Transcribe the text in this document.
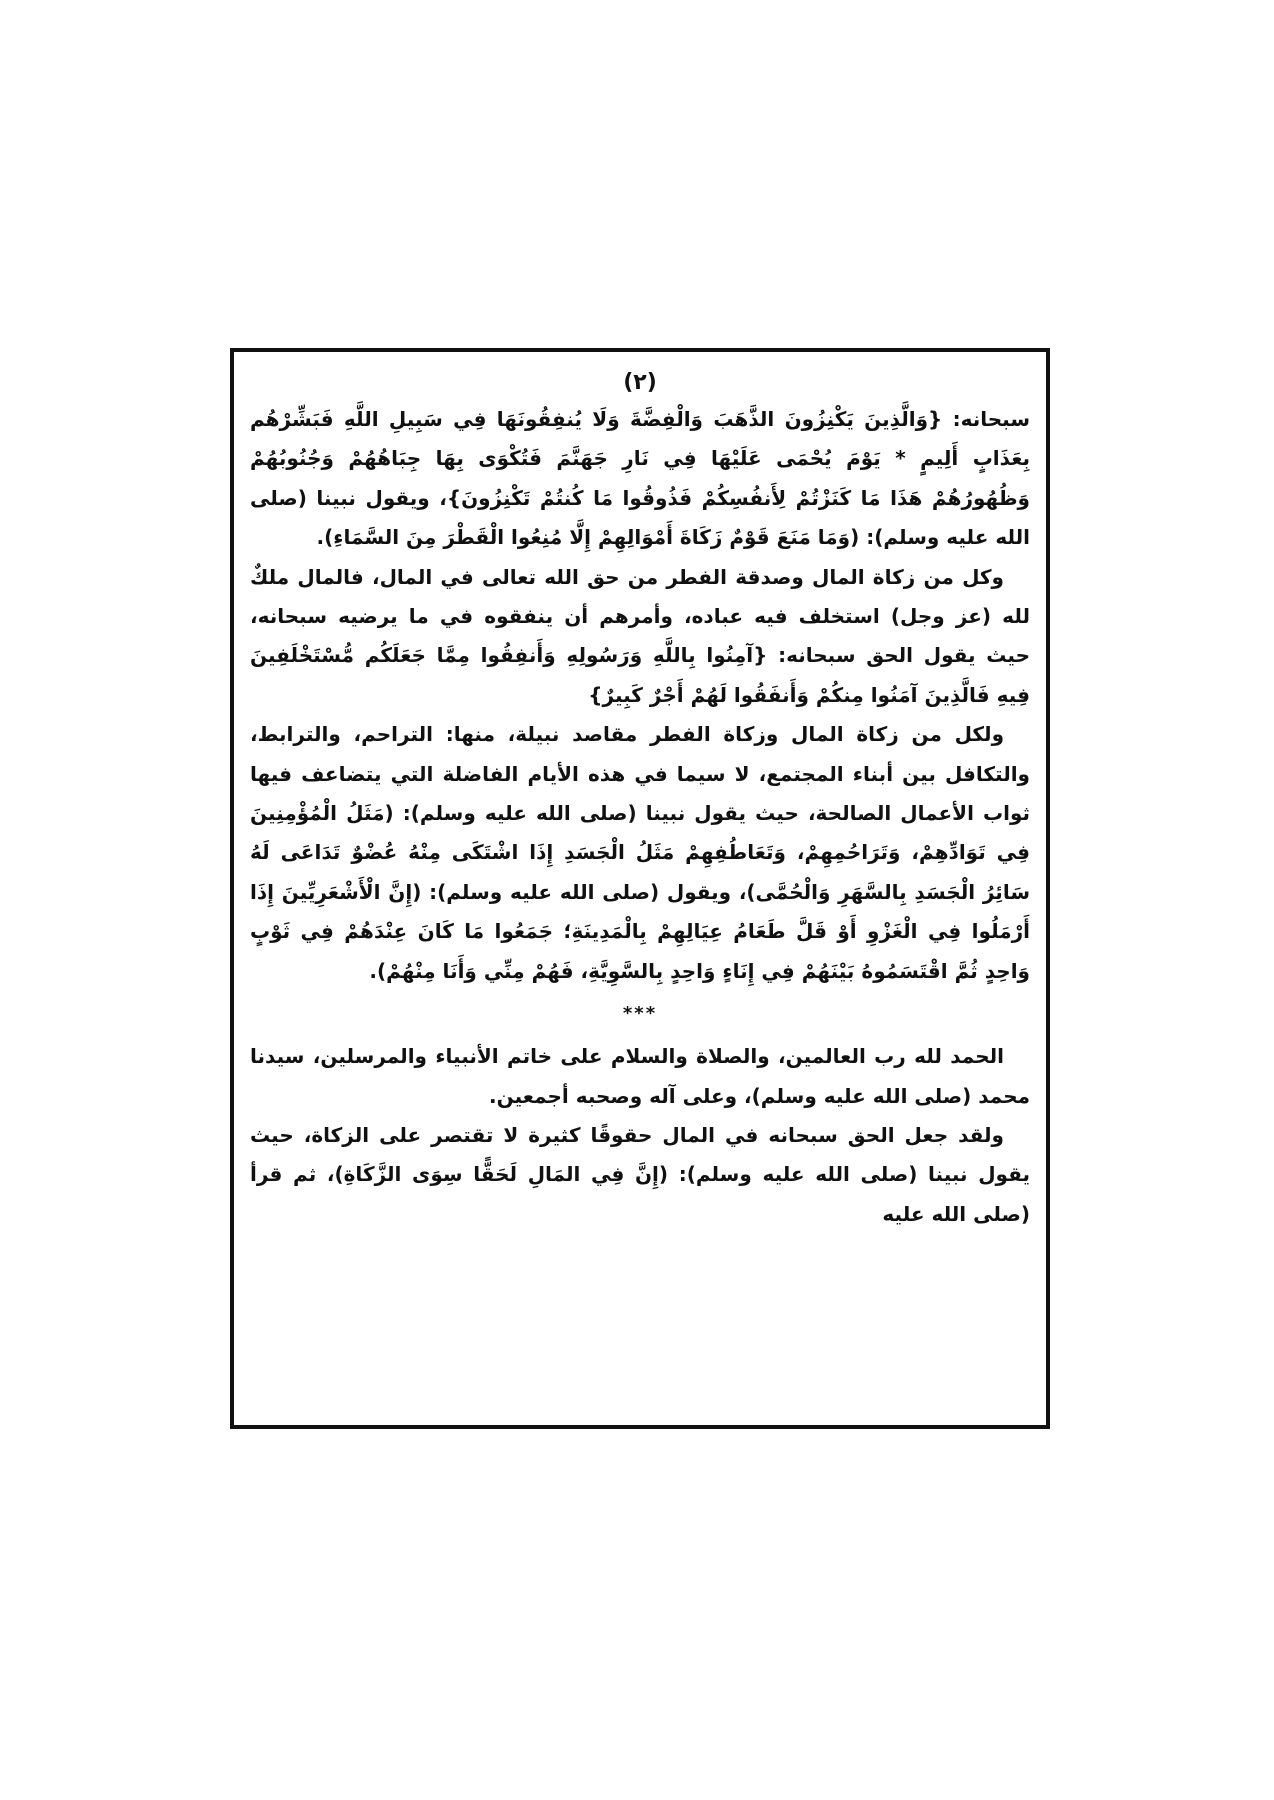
(٢)

سبحانه: {وَالَّذِينَ يَكْنِزُونَ الذَّهَبَ وَالْفِضَّةَ وَلَا يُنفِقُونَهَا فِي سَبِيلِ اللَّهِ فَبَشِّرْهُم بِعَذَابٍ أَلِيمٍ * يَوْمَ يُحْمَى عَلَيْهَا فِي نَارِ جَهَنَّمَ فَتُكْوَى بِهَا جِبَاهُهُمْ وَجُنُوبُهُمْ وَظُهُورُهُمْ هَذَا مَا كَنَزْتُمْ لِأَنفُسِكُمْ فَذُوقُوا مَا كُنتُمْ تَكْنِزُونَ}، ويقول نبينا (صلى الله عليه وسلم): (وَمَا مَنَعَ قَوْمٌ زَكَاةَ أَمْوَالِهِمْ إِلَّا مُنِعُوا الْقَطْرَ مِنَ السَّمَاءِ).

وكل من زكاة المال وصدقة الفطر من حق الله تعالى في المال، فالمال ملكٌ لله (عز وجل) استخلف فيه عباده، وأمرهم أن ينفقوه في ما يرضيه سبحانه، حيث يقول الحق سبحانه: {آمِنُوا بِاللَّهِ وَرَسُولِهِ وَأَنفِقُوا مِمَّا جَعَلَكُم مُّسْتَخْلَفِينَ فِيهِ فَالَّذِينَ آمَنُوا مِنكُمْ وَأَنفَقُوا لَهُمْ أَجْرٌ كَبِيرٌ}

ولكل من زكاة المال وزكاة الفطر مقاصد نبيلة، منها: التراحم، والترابط، والتكافل بين أبناء المجتمع، لا سيما في هذه الأيام الفاضلة التي يتضاعف فيها ثواب الأعمال الصالحة، حيث يقول نبينا (صلى الله عليه وسلم): (مَثَلُ الْمُؤْمِنِينَ فِي تَوَادِّهِمْ، وَتَرَاحُمِهِمْ، وَتَعَاطُفِهِمْ مَثَلُ الْجَسَدِ إِذَا اشْتَكَى مِنْهُ عُضْوٌ تَدَاعَى لَهُ سَائِرُ الْجَسَدِ بِالسَّهَرِ وَالْحُمَّى)، ويقول (صلى الله عليه وسلم): (إِنَّ الْأَشْعَرِيِّينَ إِذَا أَرْمَلُوا فِي الْغَزْوِ أَوْ قَلَّ طَعَامُ عِيَالِهِمْ بِالْمَدِينَةِ؛ جَمَعُوا مَا كَانَ عِنْدَهُمْ فِي ثَوْبٍ وَاحِدٍ ثُمَّ اقْتَسَمُوهُ بَيْنَهُمْ فِي إِنَاءٍ وَاحِدٍ بِالسَّوِيَّةِ، فَهُمْ مِنِّي وَأَنَا مِنْهُمْ).

***

الحمد لله رب العالمين، والصلاة والسلام على خاتم الأنبياء والمرسلين، سيدنا محمد (صلى الله عليه وسلم)، وعلى آله وصحبه أجمعين.

ولقد جعل الحق سبحانه في المال حقوقًا كثيرة لا تقتصر على الزكاة، حيث يقول نبينا (صلى الله عليه وسلم): (إِنَّ فِي المَالِ لَحَقًّا سِوَى الزَّكَاةِ)، ثم قرأ (صلى الله عليه
